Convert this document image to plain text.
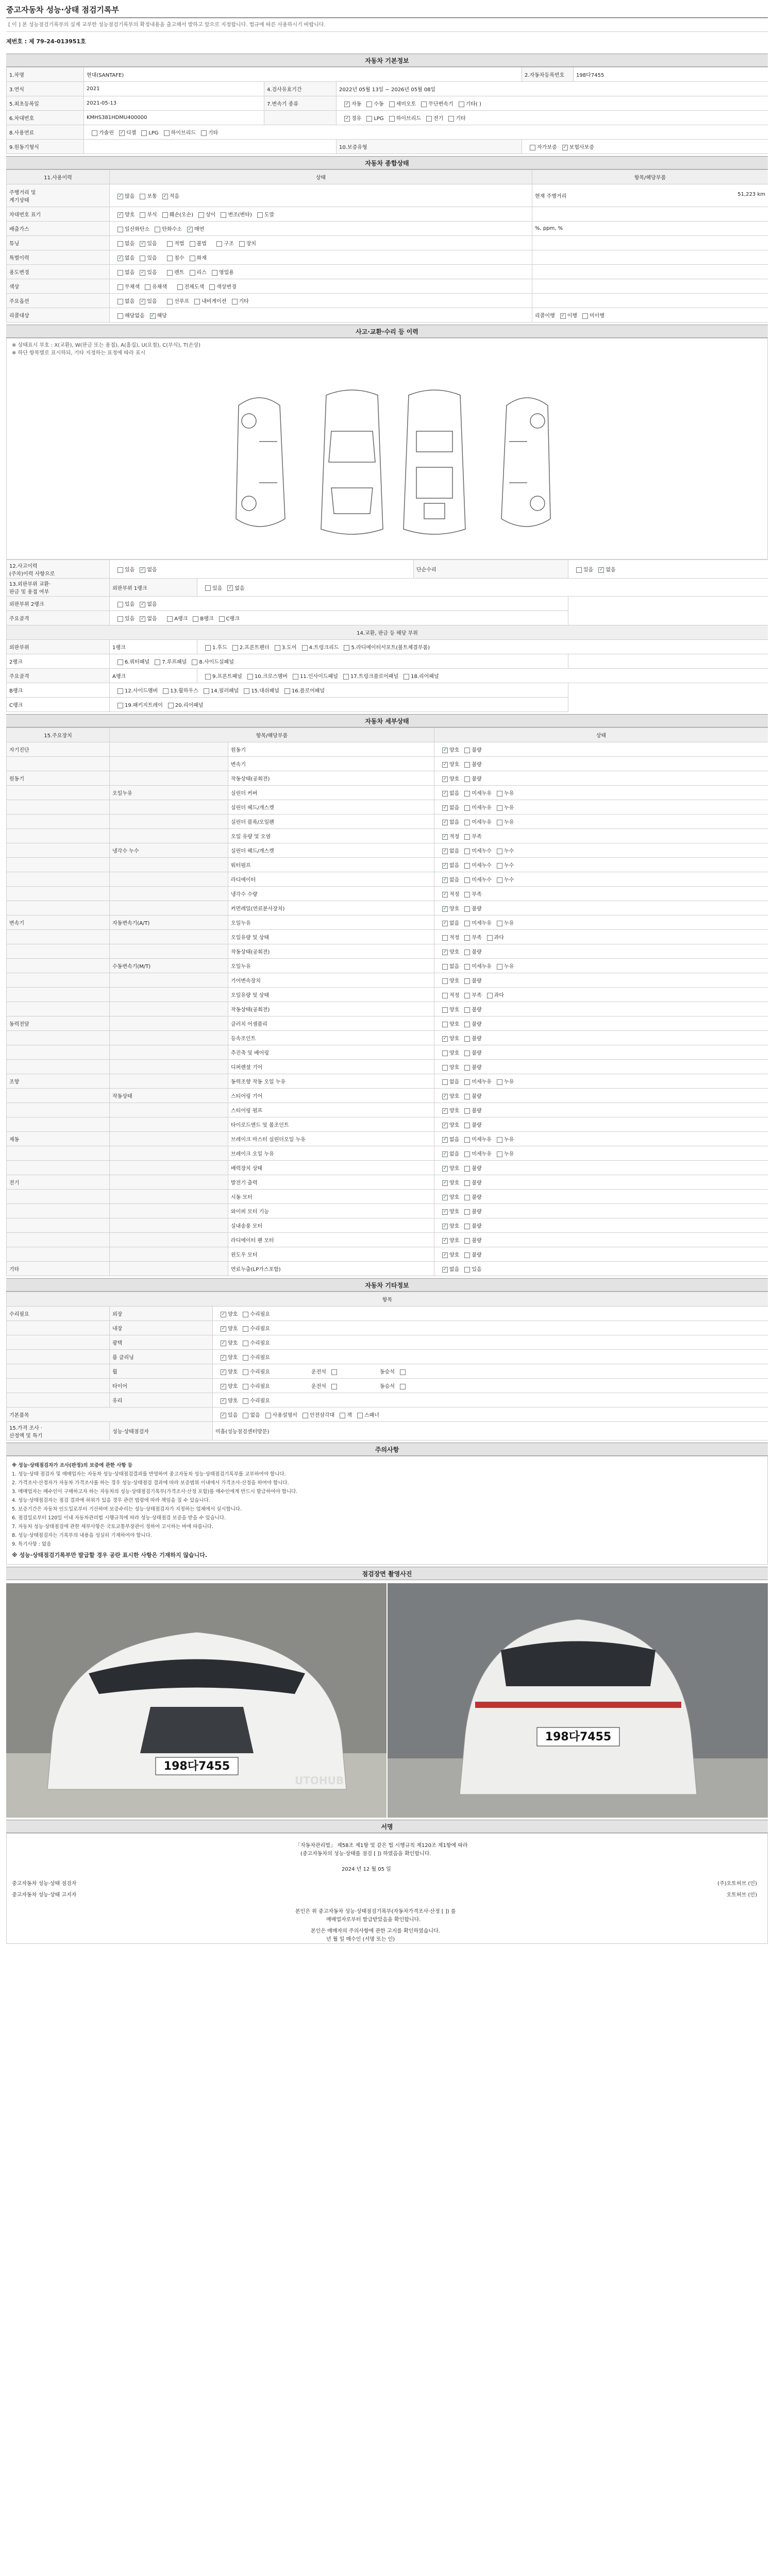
중고자동차 성능·상태 점검기록부
[ 이 ] 본 성능점검기록부의 실제 교부한 성능점검기록부의 확정내용을 출고해서 발하고 앞으로 지정합니다. 법규에 따른 사용하시기 바랍니다.
제번호 : 제 79-24-013951호
자동차 기본정보
1.차명	현대(SANTAFE)			2.자동차등록번호	198다7455
3.연식	2021	4.검사유효기간	2022년 05월 13일 ~ 2026년 05월 08일		
5.최초등록일	2021-05-13	7.변속기 종류	✓자동 수동 세미오토 무단변속기 기타( )
6.차대번호	KMHS381HDMU400000		✓경유 LPG 하이브리드 전기 기타
8.사용연료	가솔린 ✓ 디젤 LPG 하이브리드 기타
9.원동기형식			10.보증유형	자가보증 ✓ 보험사보증
자동차 종합상태
11.사용이력	상태	항목/해당부품
주행거리 및
계기상태	✓많음 보통 ✓ 적음	현재 주행거리 51,223 km

차대번호 표기	✓양호 부식 훼손(오손) 상이 변조(변타) 도말	
배출가스	일산화탄소 탄화수소 ✓ 매연	%, ppm, %
튜닝	없음 ✓ 있음 적법 불법 구조 장치	
특별이력	✓없음 있음 침수 화재	
용도변경	없음 ✓ 있음 렌트 리스 영업용	
색상	무채색 유채색 전체도색 색상변경	
주요옵션	없음 ✓ 있음 선루프 내비게이션 기타	
리콜대상	해당없음 ✓ 해당	리콜이행 ✓ 이행 미이행
사고·교환·수리 등 이력
※ 상태표시 부호 : X(교환), W(판금 또는 용접), A(흠집), U(요철), C(부식), T(손상)
※ 하단 항목별로 표시하되, 기타 지정하는 표정에 따라 표시
12.사고이력
(주차)이력 사항으로	있음 ✓ 없음		단순수리	있음 ✓ 없음
13.외판부위 교환·
판금 및 용접 여부	외판부위 1랭크	있음 ✓ 없음
외판부위 2랭크	있음 ✓ 없음
주요골격	있음 ✓ 없음 A랭크 B랭크 C랭크
14.교환, 판금 등 해당 부위				
외판부위	1랭크	1.후드 2.프론트펜더 3.도어 4.트렁크리드 5.라디에이터서포트(볼트체결부품)		
2랭크	6.쿼터패널 7.루프패널 8.사이드실패널			
주요골격	A랭크	9.프론트패널 10.크로스멤버 11.인사이드패널 17.트렁크플로어패널 18.리어패널		
B랭크	12.사이드멤버 13.휠하우스 14.필러패널 15.대쉬패널 16.플로어패널			
C랭크	19.패키지트레이 20.리어패널			
자동차 세부상태
15.주요장치	항목/해당부품		상태
자기진단		원동기	✓양호 불량
		변속기	✓양호 불량
원동기		작동상태(공회전)	✓양호 불량
	오일누유	실린더 커버	✓없음 미세누유 누유
		실린더 헤드/개스켓	✓없음 미세누유 누유
		실린더 블록/오일팬	✓없음 미세누유 누유
		오일 유량 및 오염	✓적정 부족
	냉각수 누수	실린더 헤드/개스켓	✓없음 미세누수 누수
		워터펌프	✓없음 미세누수 누수
		라디에이터	✓없음 미세누수 누수
		냉각수 수량	✓적정 부족
		커먼레일(연료분사장치)	✓양호 불량
변속기	자동변속기(A/T)	오일누유	✓없음 미세누유 누유
		오일유량 및 상태	적정 부족 과다
		작동상태(공회전)	✓양호 불량
	수동변속기(M/T)	오일누유	없음 미세누유 누유
		기어변속장치	양호 불량
		오일유량 및 상태	적정 부족 과다
		작동상태(공회전)	양호 불량
동력전달		클러치 어셈블리	양호 불량
		등속조인트	✓양호 불량
		추진축 및 베어링	양호 불량
		디퍼렌셜 기어	양호 불량
조향		동력조향 작동 오일 누유	없음 미세누유 누유
	작동상태	스티어링 기어	✓양호 불량
		스티어링 펌프	✓양호 불량
		타이로드엔드 및 볼조인트	✓양호 불량
제동		브레이크 마스터 실린더오일 누유	✓없음 미세누유 누유
		브레이크 오일 누유	✓없음 미세누유 누유
		배력장치 상태	✓양호 불량
전기		발전기 출력	✓양호 불량
		시동 모터	✓양호 불량
		와이퍼 모터 기능	✓양호 불량
		실내송풍 모터	✓양호 불량
		라디에이터 팬 모터	✓양호 불량
		윈도우 모터	✓양호 불량
기타		연료누출(LP가스포함)	✓없음 있음
자동차 기타정보
항목		
수리필요	외장	✓양호 수리필요
	내장	✓양호 수리필요
	광택	✓양호 수리필요
	룸 클리닝	✓양호 수리필요
	휠	✓양호 수리필요 운전석 동승석
	타이어	✓양호 수리필요 운전석 동승석
	유리	✓양호 수리필요
기본품목	✓있음 없음 사용설명서 안전삼각대 잭 스패너
15.가격 조사 ·
산정액 및 특기	성능·상태점검자	미흡(성능점검센터방문)
주의사항

※ 성능·상태점검자가 조사(판정)의 보증에 관한 사항 등

1. 성능·상태 점검자 및 매매업자는 자동차 성능·상태점검결과를 반영하여 중고자동차 성능·상태점검기록부를 교부하여야 합니다.

2. 가격조사·산정자가 자동차 가격조사를 하는 경우 성능·상태점검 결과에 따라 보증범위 이내에서 가격조사·산정을 하여야 합니다.

3. 매매업자는 매수인이 구매하고자 하는 자동차의 성능·상태점검기록부(가격조사·산정 포함)를 매수인에게 반드시 발급하여야 합니다.

4. 성능·상태점검자는 점검 결과에 허위가 있을 경우 관련 법령에 따라 책임을 질 수 있습니다.

5. 보증기간은 자동차 인도일로부터 기산하며 보증수리는 성능·상태점검자가 지정하는 업체에서 실시합니다.

6. 점검일로부터 120일 이내 자동차관리법 시행규칙에 따라 성능·상태점검 보증을 받을 수 있습니다.

7. 자동차 성능·상태점검에 관한 세부사항은 국토교통부장관이 정하여 고시하는 바에 따릅니다.

8. 성능·상태점검자는 기록부의 내용을 성실히 기재하여야 합니다.

9. 특기사항 : 없음

※ 성능·상태점검기록부만 발급할 경우 공란 표시한 사항은 기재하지 않습니다.

점검장면 촬영사진
198다7455
UTOHUB
198다7455
서명
「자동차관리법」 제58조 제1항 및 같은 법 시행규칙 제120조 제1항에 따라
(중고자동차의 성능·상태를 점검 [ ]) 하였음을 확인합니다.
2024 년 12 월 05 일
중고자동차 성능·상태 점검자	(주)오토허브 (인)
중고자동차 성능·상태 고지자	오토허브 (인)
본인은 위 중고자동차 성능·상태점검기록부(자동차가격조사·산정 [ ]) 를
매매업자로부터 발급받았음을 확인합니다.
본인은 매매자의 주의사항에 관한 고지를 확인하였습니다.
년 월 일 매수인 (서명 또는 인)
